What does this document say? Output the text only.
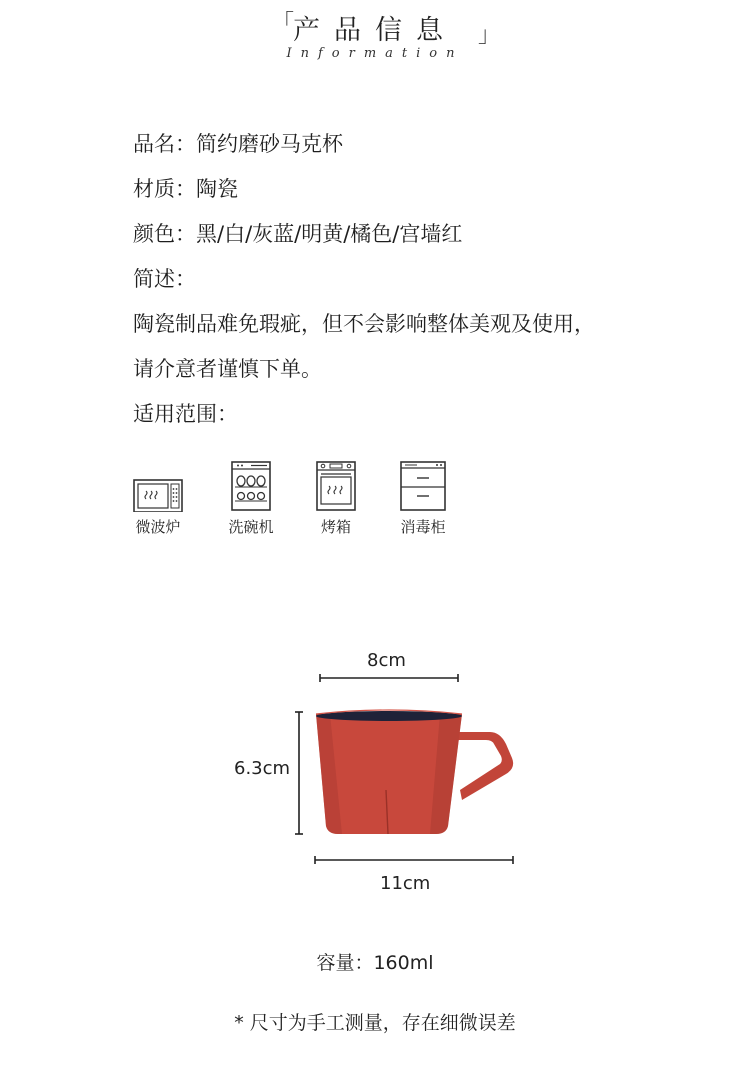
「
产品信息 」
Information
品名：简约磨砂马克杯
材质：陶瓷
颜色：黑/白/灰蓝/明黄/橘色/宫墙红
简述：
陶瓷制品难免瑕疵，但不会影响整体美观及使用，
请介意者谨慎下单。
适用范围：
微波炉	洗碗机	烤箱	消毒柜
8cm
6.3cm
11cm
容量：160ml
* 尺寸为手工测量，存在细微误差
